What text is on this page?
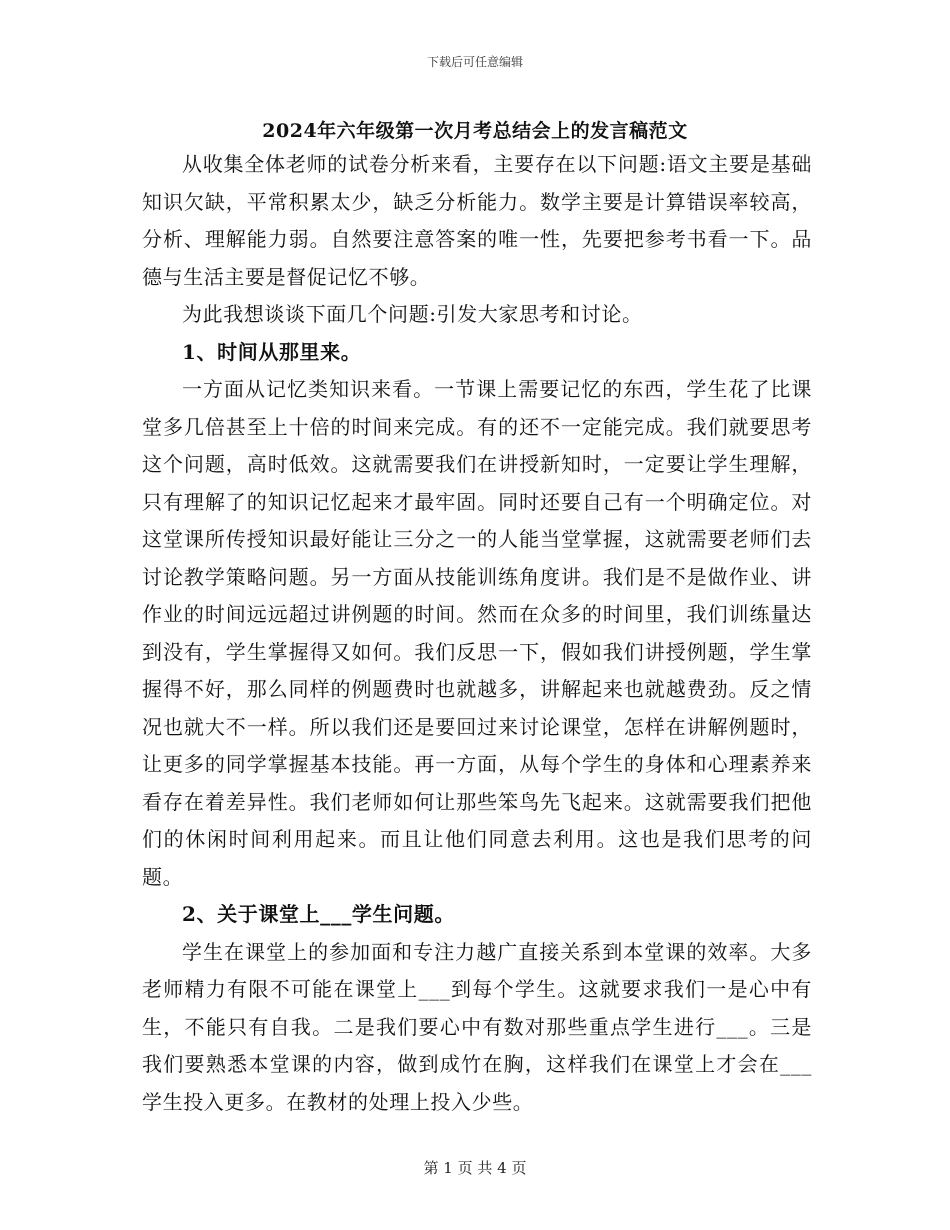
下载后可任意编辑
2024年六年级第一次月考总结会上的发言稿范文

从收集全体老师的试卷分析来看，主要存在以下问题:语文主要是基础知识欠缺，平常积累太少，缺乏分析能力。数学主要是计算错误率较高，分析、理解能力弱。自然要注意答案的唯一性，先要把参考书看一下。品德与生活主要是督促记忆不够。

为此我想谈谈下面几个问题:引发大家思考和讨论。

1、时间从那里来。

一方面从记忆类知识来看。一节课上需要记忆的东西，学生花了比课堂多几倍甚至上十倍的时间来完成。有的还不一定能完成。我们就要思考这个问题，高时低效。这就需要我们在讲授新知时，一定要让学生理解，只有理解了的知识记忆起来才最牢固。同时还要自己有一个明确定位。对这堂课所传授知识最好能让三分之一的人能当堂掌握，这就需要老师们去讨论教学策略问题。另一方面从技能训练角度讲。我们是不是做作业、讲作业的时间远远超过讲例题的时间。然而在众多的时间里，我们训练量达到没有，学生掌握得又如何。我们反思一下，假如我们讲授例题，学生掌握得不好，那么同样的例题费时也就越多，讲解起来也就越费劲。反之情况也就大不一样。所以我们还是要回过来讨论课堂，怎样在讲解例题时，让更多的同学掌握基本技能。再一方面，从每个学生的身体和心理素养来看存在着差异性。我们老师如何让那些笨鸟先飞起来。这就需要我们把他们的休闲时间利用起来。而且让他们同意去利用。这也是我们思考的问题。

2、关于课堂上___学生问题。

学生在课堂上的参加面和专注力越广直接关系到本堂课的效率。大多老师精力有限不可能在课堂上___到每个学生。这就要求我们一是心中有生，不能只有自我。二是我们要心中有数对那些重点学生进行___。三是我们要熟悉本堂课的内容，做到成竹在胸，这样我们在课堂上才会在___学生投入更多。在教材的处理上投入少些。

第 1 页 共 4 页
